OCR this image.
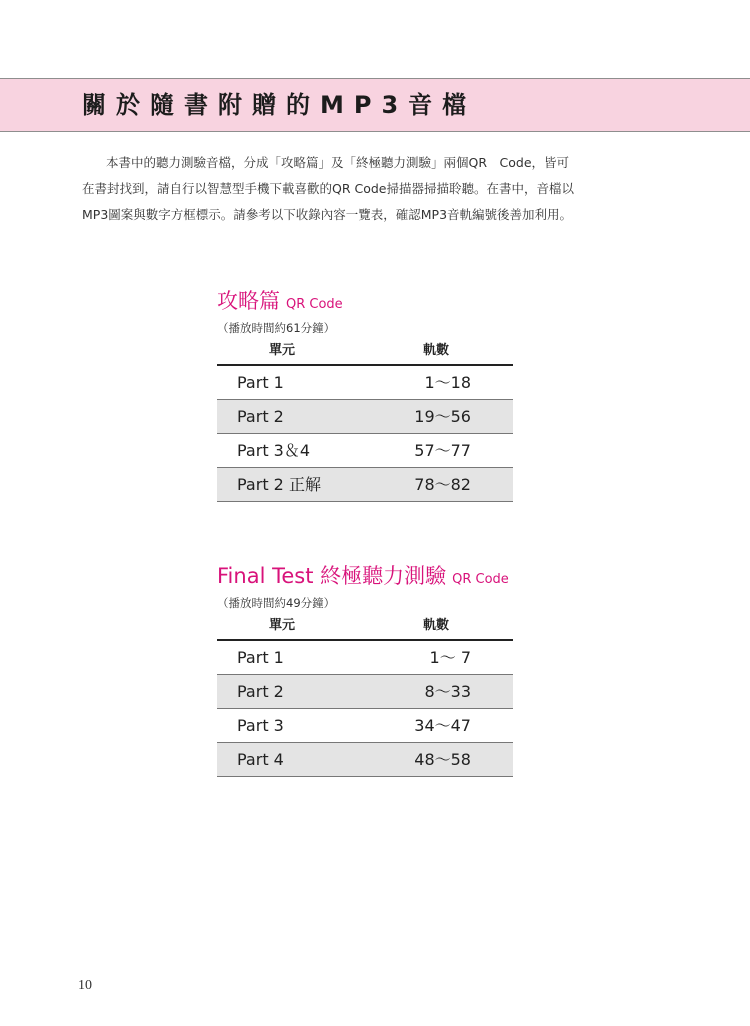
關於隨書附贈的MP3音檔

本書中的聽力測驗音檔，分成「攻略篇」及「終極聽力測驗」兩個QR　Code，皆可

在書封找到，請自行以智慧型手機下載喜歡的QR Code掃描器掃描聆聽。在書中，音檔以

MP3圖案與數字方框標示。請參考以下收錄內容一覽表，確認MP3音軌編號後善加利用。

攻略篇 QR Code
（播放時間約61分鐘）
單元	軌數
Part 1	1～18
Part 2	19～56
Part 3＆4	57～77
Part 2 正解	78～82
Final Test 終極聽力測驗 QR Code
（播放時間約49分鐘）
單元	軌數
Part 1	1～ 7
Part 2	8～33
Part 3	34～47
Part 4	48～58
10
